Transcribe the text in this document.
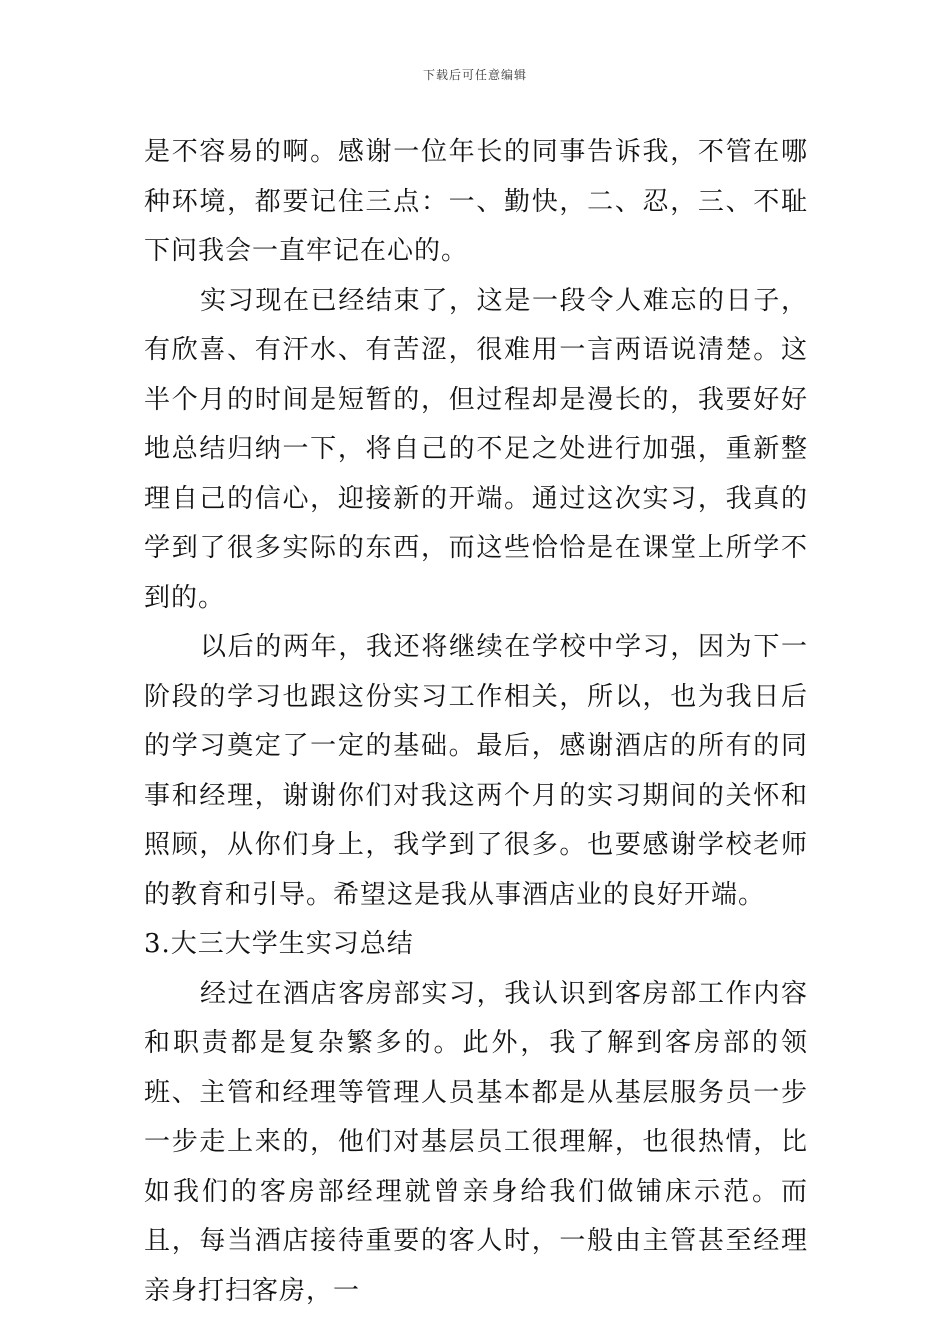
下载后可任意编辑

是不容易的啊。感谢一位年长的同事告诉我，不管在哪种环境，都要记住三点：一、勤快，二、忍，三、不耻下问我会一直牢记在心的。

实习现在已经结束了，这是一段令人难忘的日子，有欣喜、有汗水、有苦涩，很难用一言两语说清楚。这半个月的时间是短暂的，但过程却是漫长的，我要好好地总结归纳一下，将自己的不足之处进行加强，重新整理自己的信心，迎接新的开端。通过这次实习，我真的学到了很多实际的东西，而这些恰恰是在课堂上所学不到的。

以后的两年，我还将继续在学校中学习，因为下一阶段的学习也跟这份实习工作相关，所以，也为我日后的学习奠定了一定的基础。最后，感谢酒店的所有的同事和经理，谢谢你们对我这两个月的实习期间的关怀和照顾，从你们身上，我学到了很多。也要感谢学校老师的教育和引导。希望这是我从事酒店业的良好开端。

3.大三大学生实习总结

经过在酒店客房部实习，我认识到客房部工作内容和职责都是复杂繁多的。此外，我了解到客房部的领班、主管和经理等管理人员基本都是从基层服务员一步一步走上来的，他们对基层员工很理解，也很热情，比如我们的客房部经理就曾亲身给我们做铺床示范。而且，每当酒店接待重要的客人时，一般由主管甚至经理亲身打扫客房，一
